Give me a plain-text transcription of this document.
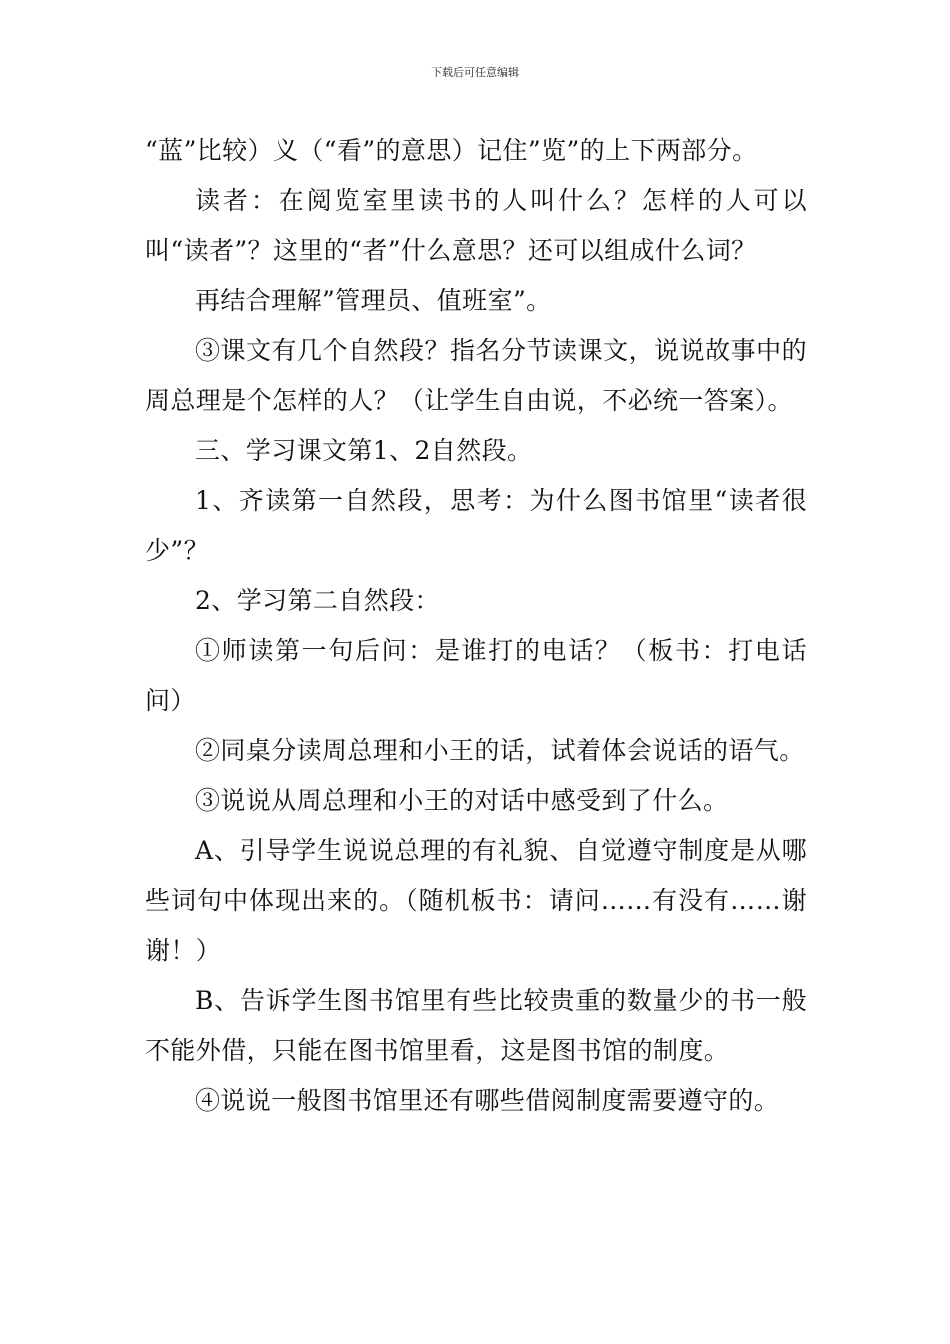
下载后可任意编辑

“蓝”比较）义（“看”的意思）记住”览”的上下两部分。

读者：在阅览室里读书的人叫什么？怎样的人可以叫“读者”？这里的“者”什么意思？还可以组成什么词？

再结合理解”管理员、值班室”。

③课文有几个自然段？指名分节读课文，说说故事中的周总理是个怎样的人？（让学生自由说，不必统一答案）。

三、学习课文第1、2自然段。

1、齐读第一自然段，思考：为什么图书馆里“读者很少”？

2、学习第二自然段：

①师读第一句后问：是谁打的电话？（板书：打电话问）

②同桌分读周总理和小王的话，试着体会说话的语气。

③说说从周总理和小王的对话中感受到了什么。

A、引导学生说说总理的有礼貌、自觉遵守制度是从哪些词句中体现出来的。（随机板书：请问……有没有……谢谢！）

B、告诉学生图书馆里有些比较贵重的数量少的书一般不能外借，只能在图书馆里看，这是图书馆的制度。

④说说一般图书馆里还有哪些借阅制度需要遵守的。
